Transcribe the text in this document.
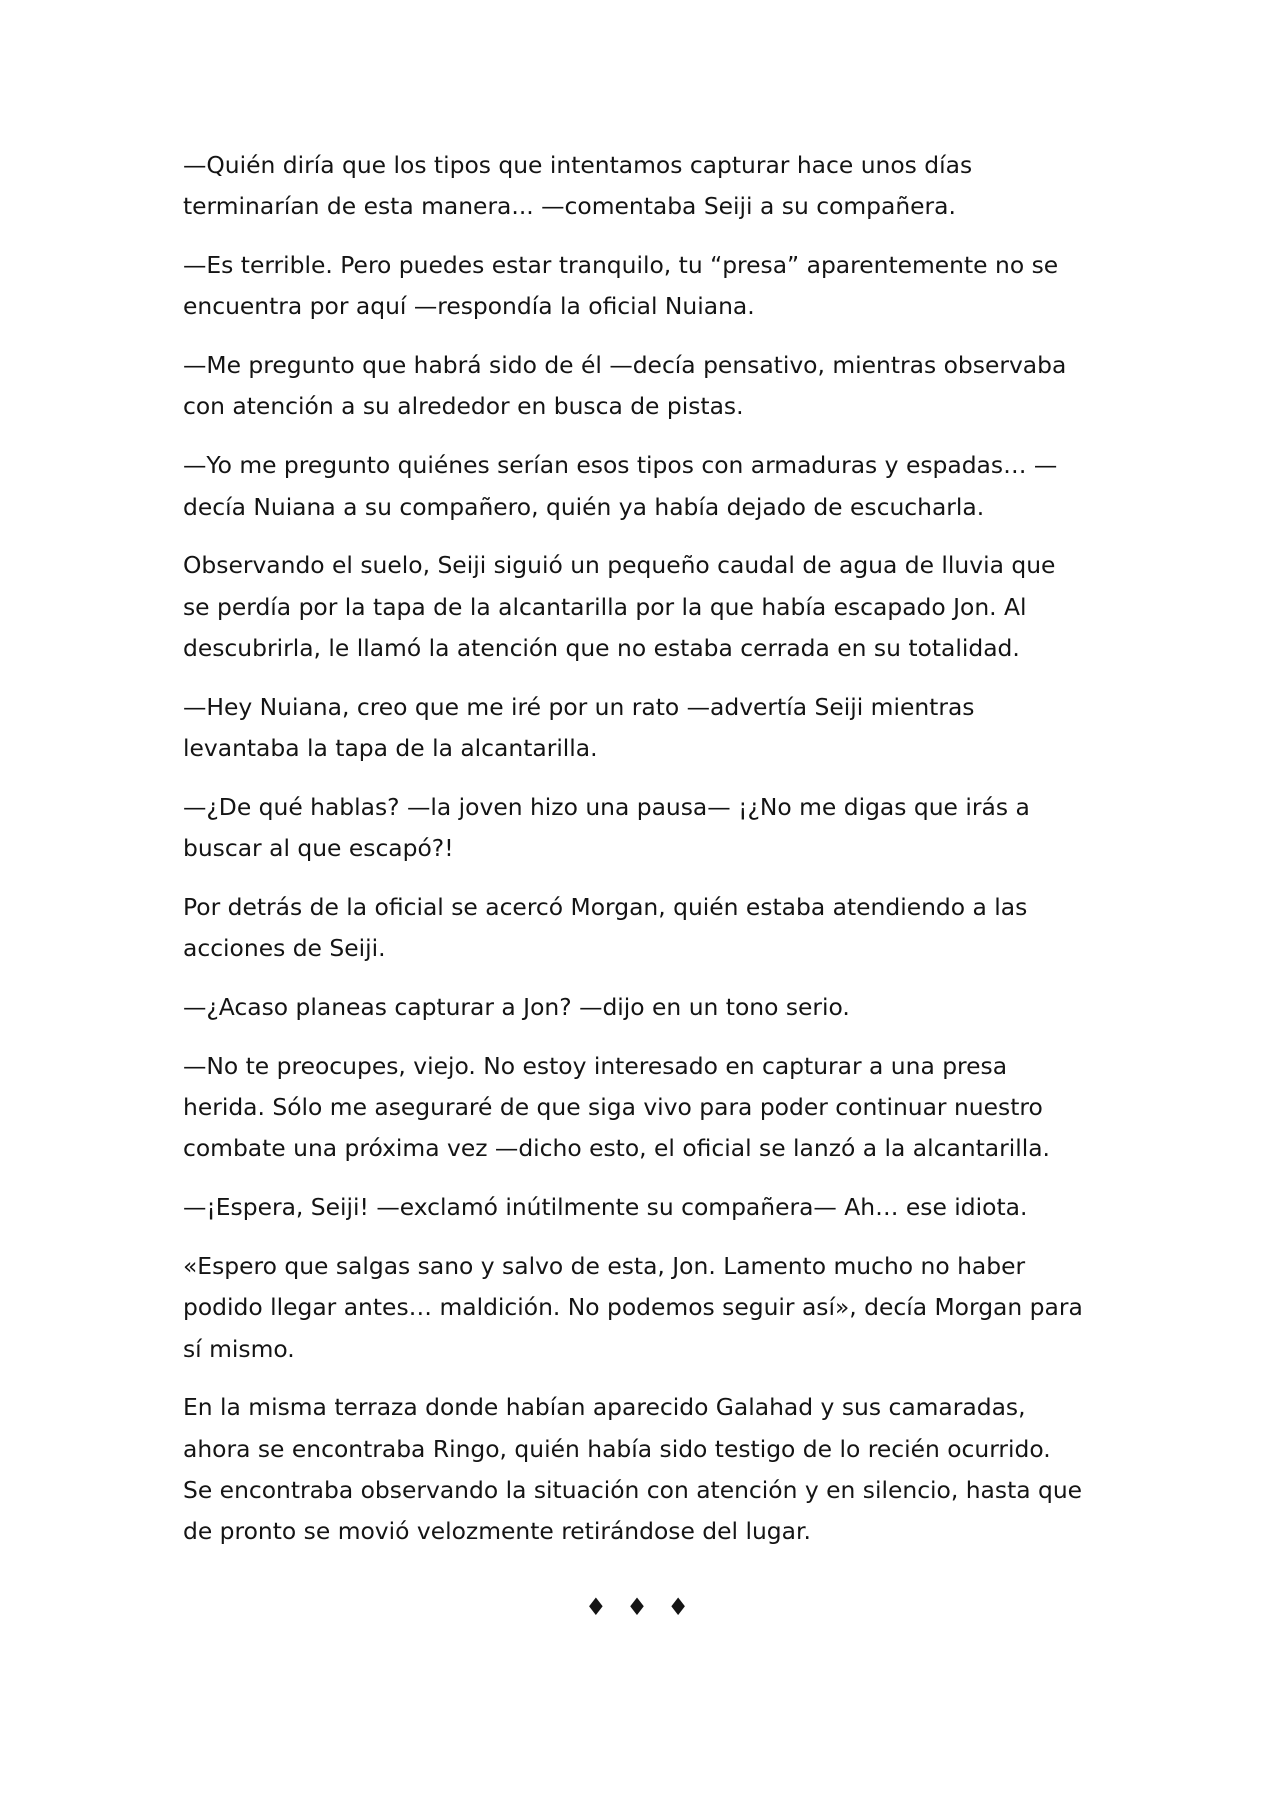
—Quién diría que los tipos que intentamos capturar hace unos días
terminarían de esta manera... —comentaba Seiji a su compañera.

—Es terrible. Pero puedes estar tranquilo, tu “presa” aparentemente no se
encuentra por aquí —respondía la oficial Nuiana.

—Me pregunto que habrá sido de él —decía pensativo, mientras observaba
con atención a su alrededor en busca de pistas.

—Yo me pregunto quiénes serían esos tipos con armaduras y espadas… —
decía Nuiana a su compañero, quién ya había dejado de escucharla.

Observando el suelo, Seiji siguió un pequeño caudal de agua de lluvia que
se perdía por la tapa de la alcantarilla por la que había escapado Jon. Al
descubrirla, le llamó la atención que no estaba cerrada en su totalidad.

—Hey Nuiana, creo que me iré por un rato —advertía Seiji mientras
levantaba la tapa de la alcantarilla.

—¿De qué hablas? —la joven hizo una pausa— ¡¿No me digas que irás a
buscar al que escapó?!

Por detrás de la oficial se acercó Morgan, quién estaba atendiendo a las
acciones de Seiji.

—¿Acaso planeas capturar a Jon? —dijo en un tono serio.

—No te preocupes, viejo. No estoy interesado en capturar a una presa
herida. Sólo me aseguraré de que siga vivo para poder continuar nuestro
combate una próxima vez —dicho esto, el oficial se lanzó a la alcantarilla.

—¡Espera, Seiji! —exclamó inútilmente su compañera— Ah… ese idiota.

«Espero que salgas sano y salvo de esta, Jon. Lamento mucho no haber
podido llegar antes… maldición. No podemos seguir así», decía Morgan para
sí mismo.

En la misma terraza donde habían aparecido Galahad y sus camaradas,
ahora se encontraba Ringo, quién había sido testigo de lo recién ocurrido.
Se encontraba observando la situación con atención y en silencio, hasta que
de pronto se movió velozmente retirándose del lugar.

♦ ♦ ♦
